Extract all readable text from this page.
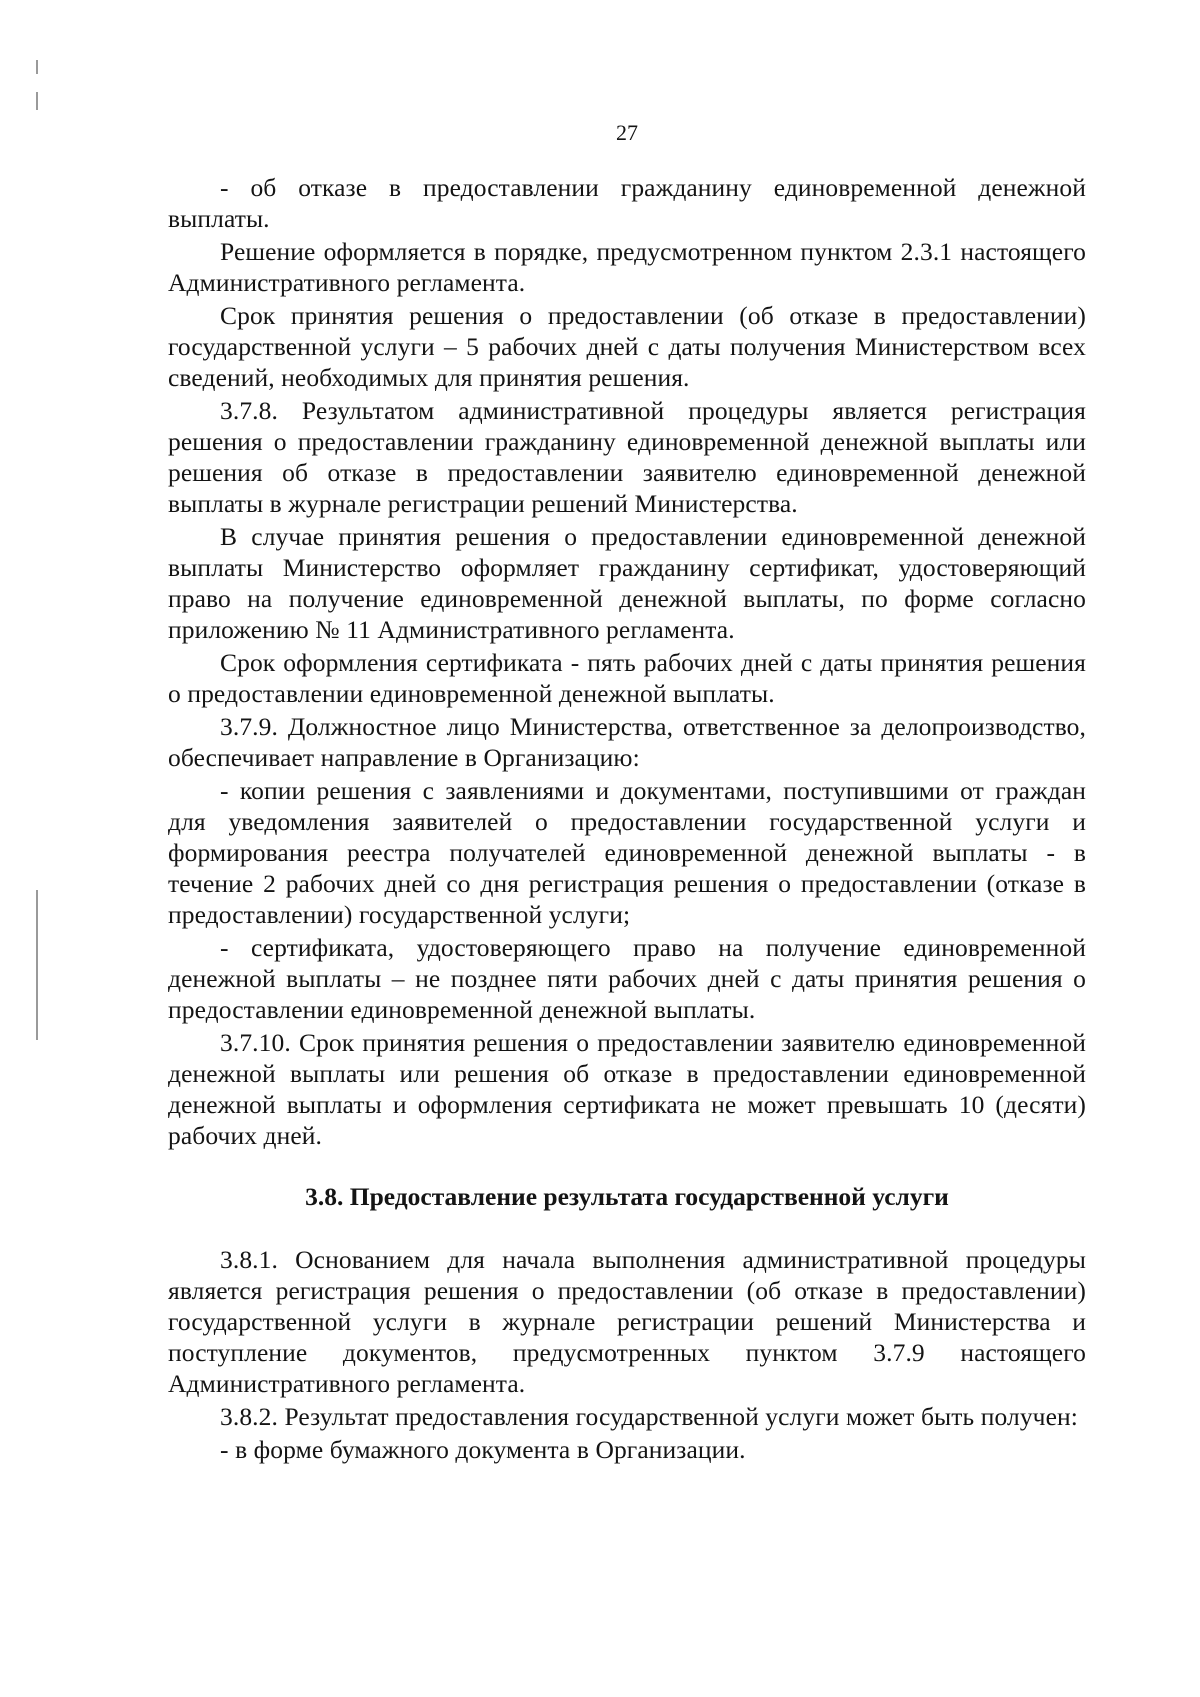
27

- об отказе в предоставлении гражданину единовременной денежной выплаты.

Решение оформляется в порядке, предусмотренном пунктом 2.3.1 настоящего Административного регламента.

Срок принятия решения о предоставлении (об отказе в предоставлении) государственной услуги – 5 рабочих дней с даты получения Министерством всех сведений, необходимых для принятия решения.

3.7.8. Результатом административной процедуры является регистрация решения о предоставлении гражданину единовременной денежной выплаты или решения об отказе в предоставлении заявителю единовременной денежной выплаты в журнале регистрации решений Министерства.

В случае принятия решения о предоставлении единовременной денежной выплаты Министерство оформляет гражданину сертификат, удостоверяющий право на получение единовременной денежной выплаты, по форме согласно приложению № 11 Административного регламента.

Срок оформления сертификата - пять рабочих дней с даты принятия решения о предоставлении единовременной денежной выплаты.

3.7.9. Должностное лицо Министерства, ответственное за делопроизводство, обеспечивает направление в Организацию:

- копии решения с заявлениями и документами, поступившими от граждан для уведомления заявителей о предоставлении государственной услуги и формирования реестра получателей единовременной денежной выплаты - в течение 2 рабочих дней со дня регистрация решения о предоставлении (отказе в предоставлении) государственной услуги;

- сертификата, удостоверяющего право на получение единовременной денежной выплаты – не позднее пяти рабочих дней с даты принятия решения о предоставлении единовременной денежной выплаты.

3.7.10. Срок принятия решения о предоставлении заявителю единовременной денежной выплаты или решения об отказе в предоставлении единовременной денежной выплаты и оформления сертификата не может превышать 10 (десяти) рабочих дней.

3.8. Предоставление результата государственной услуги

3.8.1. Основанием для начала выполнения административной процедуры является регистрация решения о предоставлении (об отказе в предоставлении) государственной услуги в журнале регистрации решений Министерства и поступление документов, предусмотренных пунктом 3.7.9 настоящего Административного регламента.

3.8.2. Результат предоставления государственной услуги может быть получен:

- в форме бумажного документа в Организации.
